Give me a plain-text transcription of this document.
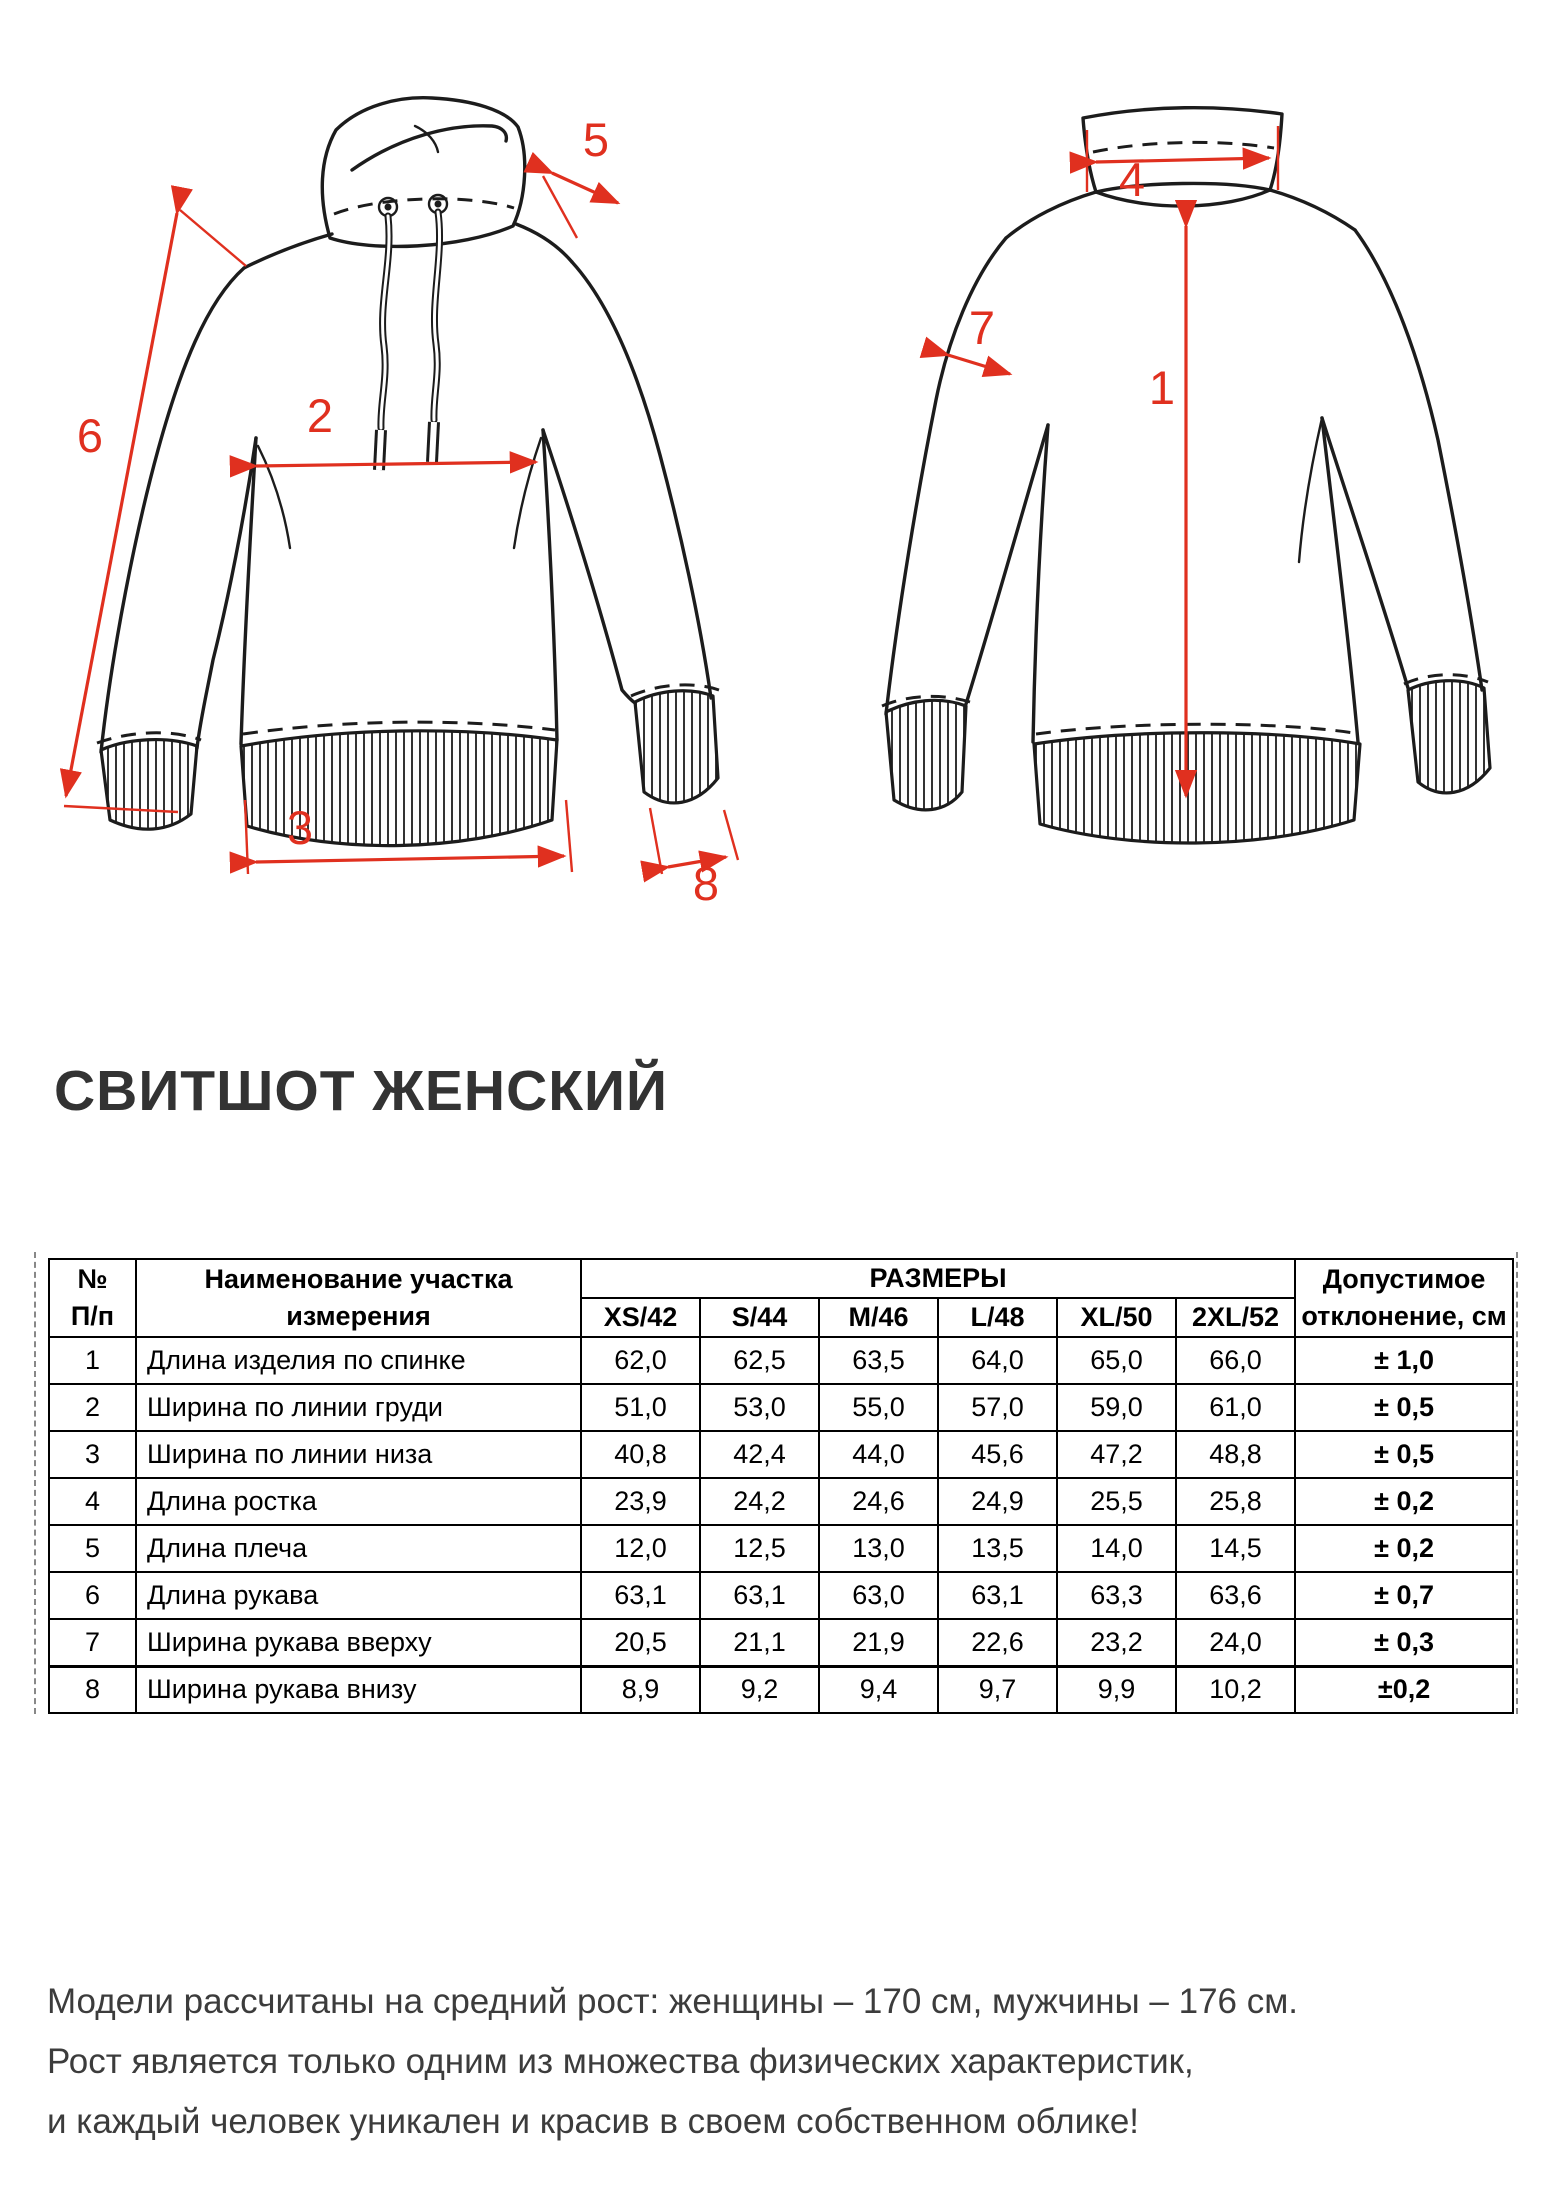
1
2
3
4
5
6
7
8
СВИТШОТ ЖЕНСКИЙ
№
П/п

Наименование участка
измерения
	РАЗМЕРЫ	Допустимое
отклонение, см

		XS/42	S/44	M/46	L/48	XL/50	2XL/52	
1	Длина изделия по спинке	62,0	62,5	63,5	64,0	65,0	66,0	± 1,0
2	Ширина по линии груди	51,0	53,0	55,0	57,0	59,0	61,0	± 0,5
3	Ширина по линии низа	40,8	42,4	44,0	45,6	47,2	48,8	± 0,5
4	Длина ростка	23,9	24,2	24,6	24,9	25,5	25,8	± 0,2
5	Длина плеча	12,0	12,5	13,0	13,5	14,0	14,5	± 0,2
6	Длина рукава	63,1	63,1	63,0	63,1	63,3	63,6	± 0,7
7	Ширина рукава вверху	20,5	21,1	21,9	22,6	23,2	24,0	± 0,3
8	Ширина рукава внизу	8,9	9,2	9,4	9,7	9,9	10,2	±0,2
Модели рассчитаны на средний рост: женщины – 170 см, мужчины – 176 см.
Рост является только одним из множества физических характеристик,
и каждый человек уникален и красив в своем собственном облике!
